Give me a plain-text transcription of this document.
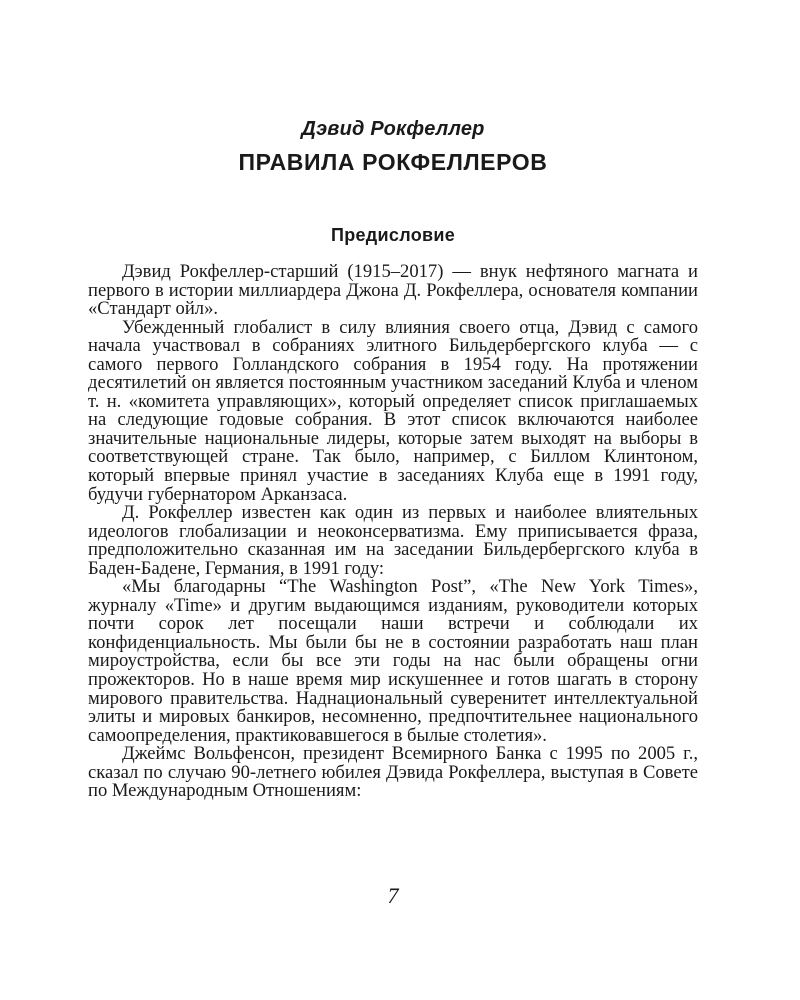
Дэвид Рокфеллер
ПРАВИЛА РОКФЕЛЛЕРОВ
Предисловие

Дэвид Рокфеллер-старший (1915–2017) — внук нефтяного магната и первого в истории миллиардера Джона Д. Рокфеллера, основателя компании «Стандарт ойл».

Убежденный глобалист в силу влияния своего отца, Дэвид с самого начала участвовал в собраниях элитного Бильдербергского клуба — с самого первого Голландского собрания в 1954 году. На протяжении десятилетий он является постоянным участником заседаний Клуба и членом т. н. «комитета управляющих», который определяет список приглашаемых на следующие годовые собрания. В этот список включаются наиболее значительные национальные лидеры, которые затем выходят на выборы в соответствующей стране. Так было, например, с Биллом Клинтоном, который впервые принял участие в заседаниях Клуба еще в 1991 году, будучи губернатором Арканзаса.

Д. Рокфеллер известен как один из первых и наиболее влиятельных идеологов глобализации и неоконсерватизма. Ему приписывается фраза, предположительно сказанная им на заседании Бильдербергского клуба в Баден-Бадене, Германия, в 1991 году:

«Мы благодарны “The Washington Post”, «The New York Times», журналу «Time» и другим выдающимся изданиям, руководители которых почти сорок лет посещали наши встречи и соблюдали их конфиденциальность. Мы были бы не в состоянии разработать наш план мироустройства, если бы все эти годы на нас были обращены огни прожекторов. Но в наше время мир искушеннее и готов шагать в сторону мирового правительства. Наднациональный суверенитет интеллектуальной элиты и мировых банкиров, несомненно, предпочтительнее национального самоопределения, практиковавшегося в былые столетия».

Джеймс Вольфенсон, президент Всемирного Банка с 1995 по 2005 г., сказал по случаю 90-летнего юбилея Дэвида Рокфеллера, выступая в Совете по Международным Отношениям:

7
